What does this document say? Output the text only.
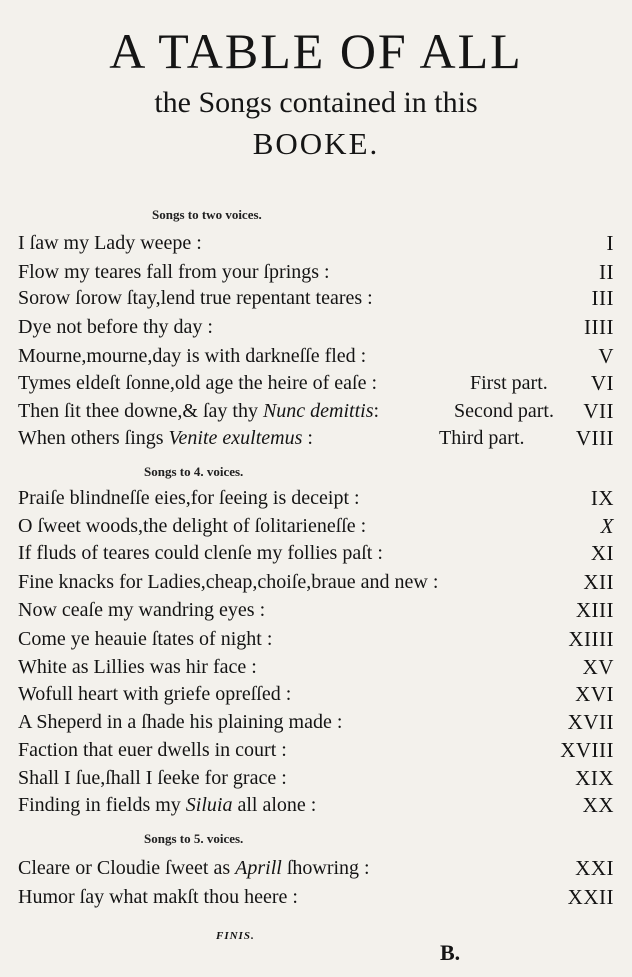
A TABLE OF ALL
the Songs contained in this
BOOKE.
Songs to two voices.
I ſaw my Lady weepe :	I
Flow my teares fall from your ſprings :	II
Sorow ſorow ſtay,lend true repentant teares :	III
Dye not before thy day :	IIII
Mourne,mourne,day is with darkneſſe fled :	V
Tymes eldeſt ſonne,old age the heire of eaſe :	First part. VI
Then ſit thee downe,& ſay thy Nunc demittis:	Second part. VII
When others ſings Venite exultemus :	Third part. VIII
Songs to 4. voices.
Praiſe blindneſſe eies,for ſeeing is deceipt :	IX
O ſweet woods,the delight of ſolitarieneſſe :	X
If fluds of teares could clenſe my follies paſt :	XI
Fine knacks for Ladies,cheap,choiſe,braue and new :	XII
Now ceaſe my wandring eyes :	XIII
Come ye heauie ſtates of night :	XIIII
White as Lillies was hir face :	XV
Wofull heart with griefe opreſſed :	XVI
A Sheperd in a ſhade his plaining made :	XVII
Faction that euer dwells in court :	XVIII
Shall I ſue,ſhall I ſeeke for grace :	XIX
Finding in fields my Siluia all alone :	XX
Songs to 5. voices.
Cleare or Cloudie ſweet as Aprill ſhowring :	XXI
Humor ſay what makſt thou heere :	XXII
FINIS.
B.
